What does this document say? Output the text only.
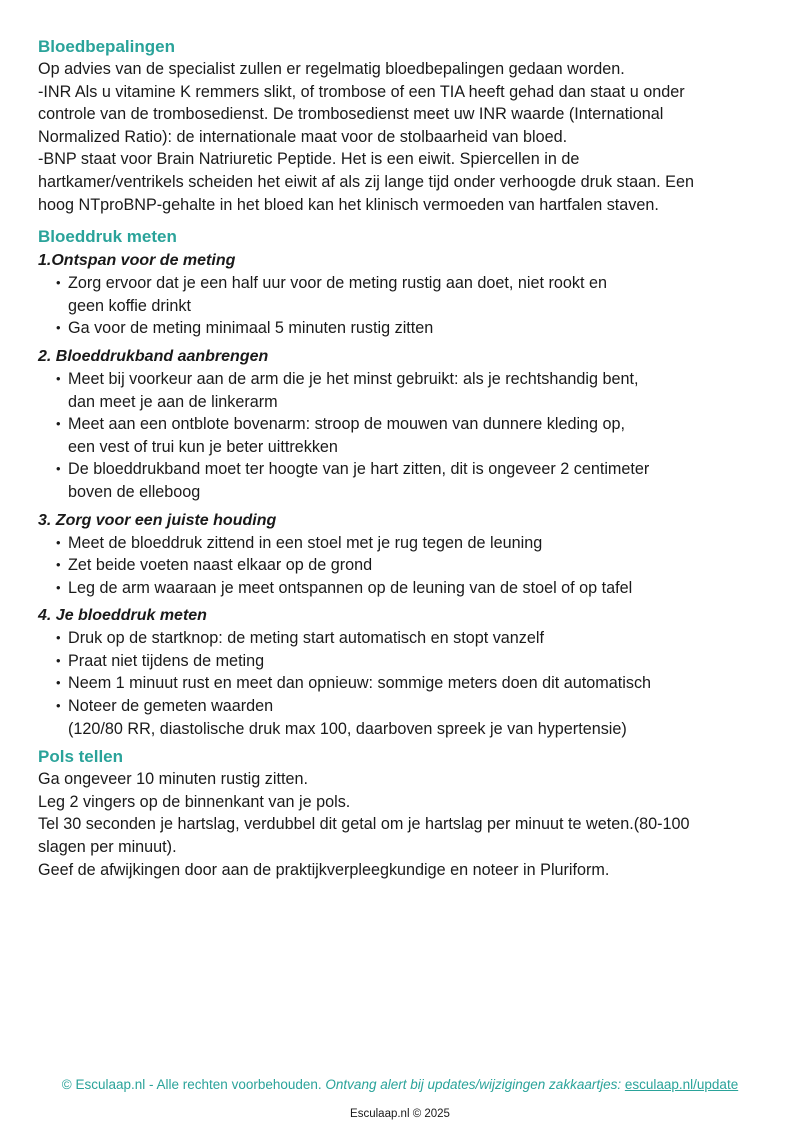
Bloedbepalingen

Op advies van de specialist zullen er regelmatig bloedbepalingen gedaan worden.

-INR Als u vitamine K remmers slikt, of trombose of een TIA heeft gehad dan staat u onder

controle van de trombosedienst. De trombosedienst meet uw INR waarde (International

Normalized Ratio): de internationale maat voor de stolbaarheid van bloed.

-BNP staat voor Brain Natriuretic Peptide. Het is een eiwit. Spiercellen in de

hartkamer/ventrikels scheiden het eiwit af als zij lange tijd onder verhoogde druk staan. Een

hoog NTproBNP-gehalte in het bloed kan het klinisch vermoeden van hartfalen staven.

Bloeddruk meten
1.Ontspan voor de meting
• Zorg ervoor dat je een half uur voor de meting rustig aan doet, niet rookt en
geen koffie drinkt
• Ga voor de meting minimaal 5 minuten rustig zitten
2. Bloeddrukband aanbrengen
• Meet bij voorkeur aan de arm die je het minst gebruikt: als je rechtshandig bent,
dan meet je aan de linkerarm
• Meet aan een ontblote bovenarm: stroop de mouwen van dunnere kleding op,
een vest of trui kun je beter uittrekken
• De bloeddrukband moet ter hoogte van je hart zitten, dit is ongeveer 2 centimeter
boven de elleboog
3. Zorg voor een juiste houding
• Meet de bloeddruk zittend in een stoel met je rug tegen de leuning
• Zet beide voeten naast elkaar op de grond
• Leg de arm waaraan je meet ontspannen op de leuning van de stoel of op tafel
4. Je bloeddruk meten
• Druk op de startknop: de meting start automatisch en stopt vanzelf
• Praat niet tijdens de meting
• Neem 1 minuut rust en meet dan opnieuw: sommige meters doen dit automatisch
• Noteer de gemeten waarden
(120/80 RR, diastolische druk max 100, daarboven spreek je van hypertensie)
Pols tellen

Ga ongeveer 10 minuten rustig zitten.

Leg 2 vingers op de binnenkant van je pols.

Tel 30 seconden je hartslag, verdubbel dit getal om je hartslag per minuut te weten.(80-100

slagen per minuut).

Geef de afwijkingen door aan de praktijkverpleegkundige en noteer in Pluriform.

© Esculaap.nl - Alle rechten voorbehouden. Ontvang alert bij updates/wijzigingen zakkaartjes: esculaap.nl/update
Esculaap.nl © 2025
